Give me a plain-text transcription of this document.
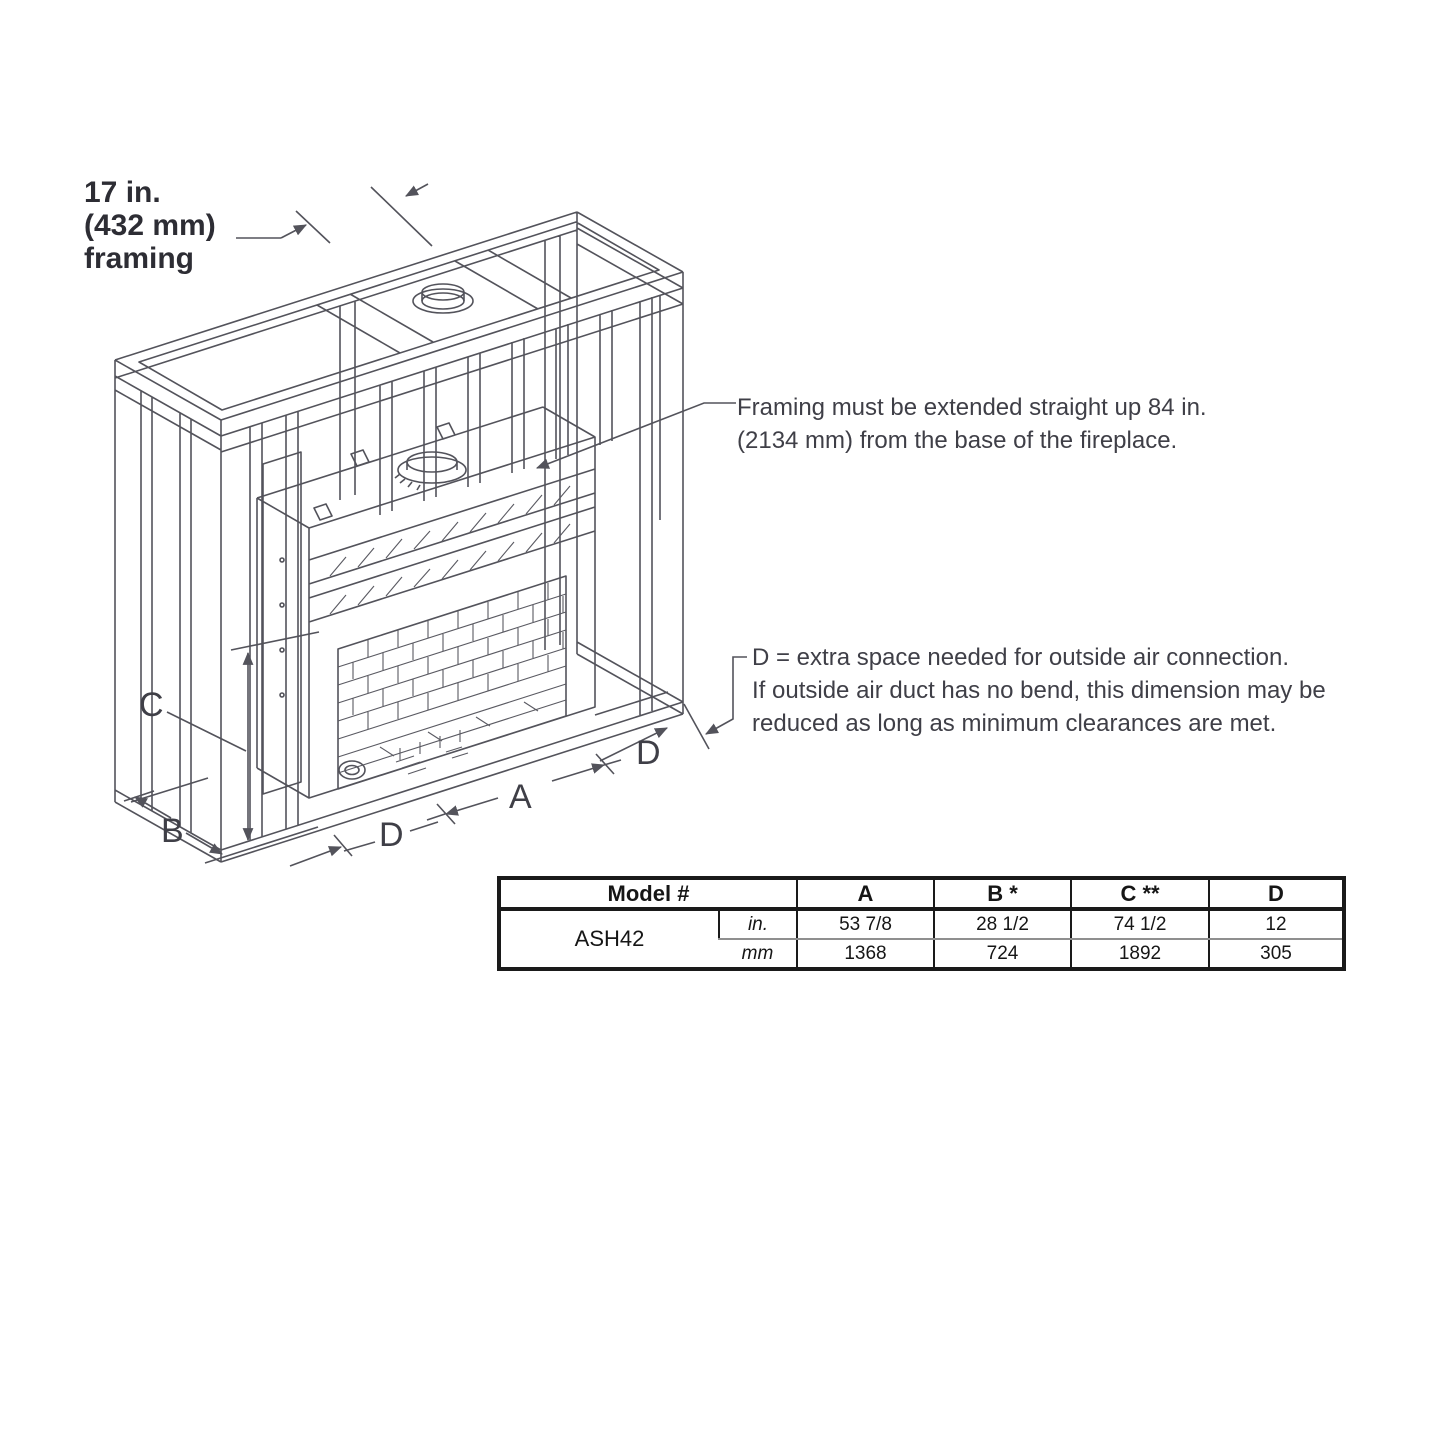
C
B	D
A
D
17 in.
(432 mm)
framing
Framing must be extended straight up 84 in.
(2134 mm) from the base of the fireplace.
D = extra space needed for outside air connection.
If outside air duct has no bend, this dimension may be
reduced as long as minimum clearances are met.
Model #		A	B *	C **	D
ASH42	in.	53 7/8	28 1/2	74 1/2	12
	mm	1368	724	1892	305
